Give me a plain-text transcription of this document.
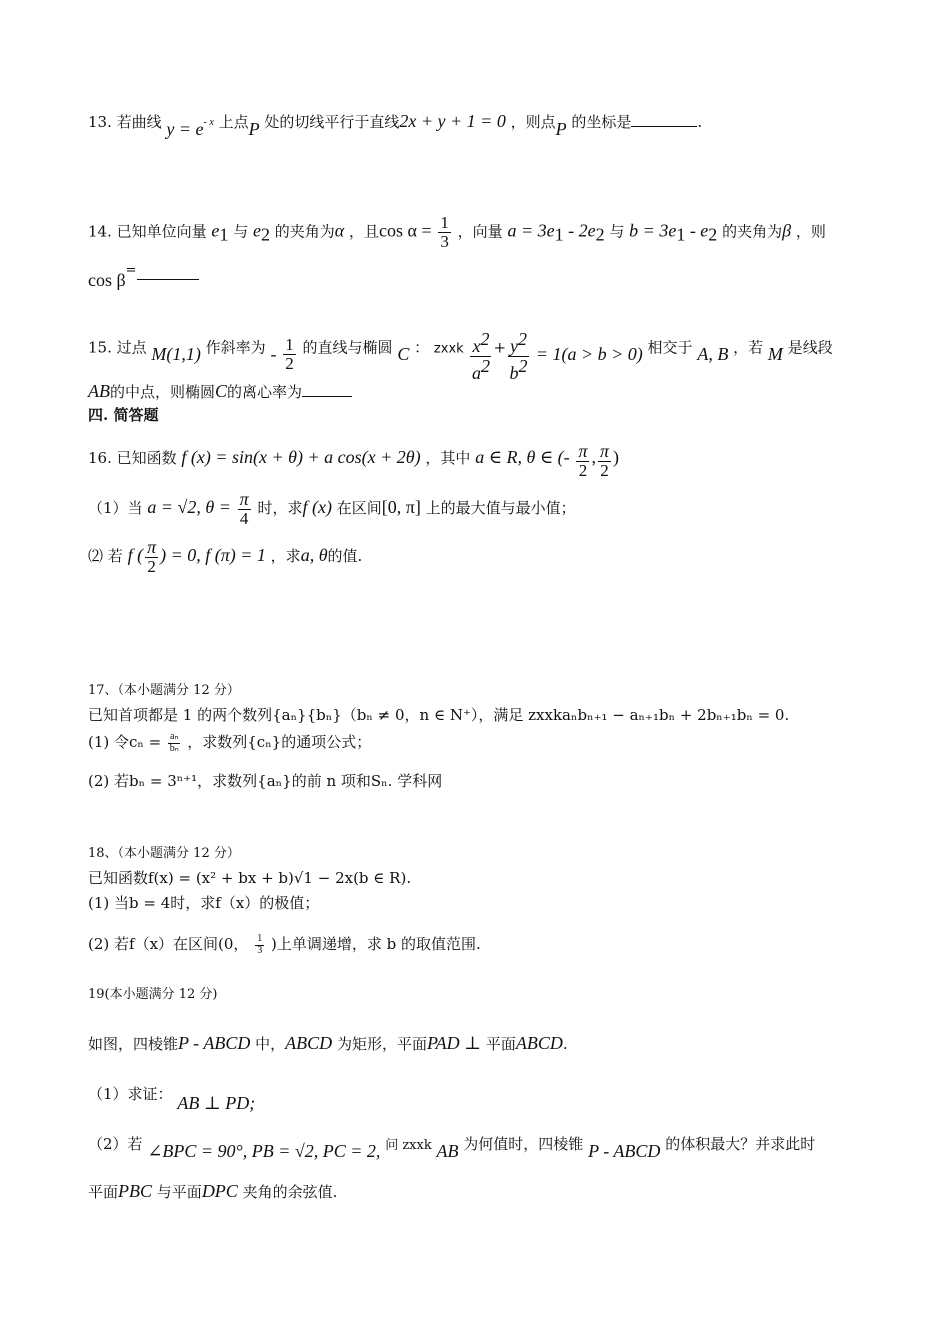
13. 若曲线 $y = e^{- x}$ 上点P 处的切线平行于直线2x + y + 1 = 0 ，则点P 的坐标是	.
14. 已知单位向量 $e_1$ 与 $e_2$ 的夹角为α ，且$\cos \alpha = \frac{1}{3}$ ，向量 $a = 3e_1 - 2e_2$ 与 $b = 3e_1 - e_2$ 的夹角为β ，则
cos β=
15. 过点 M(1,1) 作斜率为 - $\frac{1}{2}$ 的直线与椭圆 C ： zxxk $\frac{x^2}{a^2} + \frac{y^2}{b^2} = 1(a > b > 0)$ 相交于 A, B ，若 M 是线段
AB的中点，则椭圆C的离心率为
四. 简答题
16. 已知函数 f (x) = sin(x + θ) + a cos(x + 2θ) ，其中 a ∈ R, θ ∈ (- $\frac{\pi}{2}$ , $\frac{\pi}{2}$ )
（1）当 a = √2, $\theta = \frac{\pi}{4}$ 时，求f (x) 在区间[0, π] 上的最大值与最小值；
⑵ 若 f ( $\frac{\pi}{2}$ ) = 0, f (π) = 1 ，求a, θ的值.
17、（本小题满分 12 分）
已知首项都是 1 的两个数列{aₙ}{bₙ}（bₙ ≠ 0，n ∈ N⁺），满足 zxxkaₙbₙ₊₁ − aₙ₊₁bₙ + 2bₙ₊₁bₙ = 0.
(1) 令$c_n = \frac{\text{aₙ}}{\text{bₙ}}$ ，求数列{cₙ}的通项公式；
(2) 若bₙ = 3ⁿ⁺¹，求数列{aₙ}的前 n 项和Sₙ. 学科网
18、（本小题满分 12 分）
已知函数f(x) = (x² + bx + b)√1 − 2x(b ∈ R).
(1) 当b = 4时，求f（x）的极值；
(2) 若f（x）在区间(0， $\frac{1}{3}$ )上单调递增，求 b 的取值范围.
19(本小题满分 12 分)
如图，四棱锥P - ABCD 中，ABCD 为矩形，平面PAD ⊥ 平面ABCD.
（1）求证： AB ⊥ PD;
（2）若 ∠BPC = 90°, PB = √2, PC = 2, 问 zxxk AB 为何值时，四棱锥 P - ABCD 的体积最大？并求此时
平面PBC 与平面DPC 夹角的余弦值.
